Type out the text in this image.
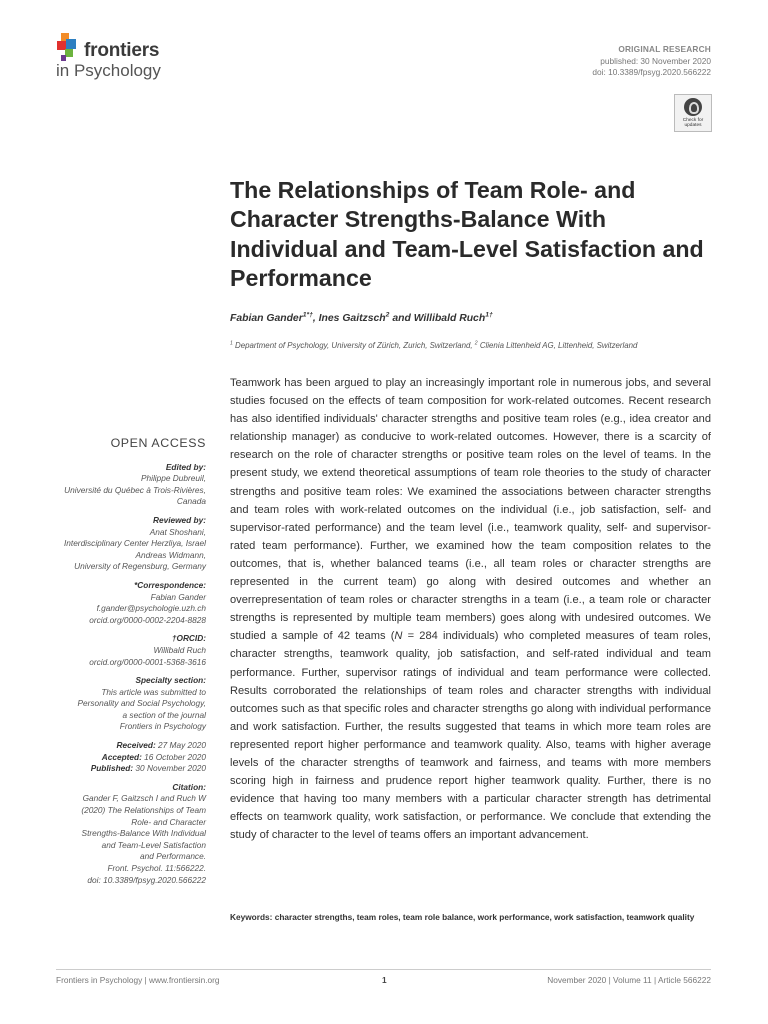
frontiers
in Psychology
ORIGINAL RESEARCH
published: 30 November 2020
doi: 10.3389/fpsyg.2020.566222
Check for updates
The Relationships of Team Role- and Character Strengths-Balance With Individual and Team-Level Satisfaction and Performance
Fabian Gander$^{1*\dagger}$, Ines Gaitzsch$^2$ and Willibald Ruch$^{1\dagger}$
$^1$ Department of Psychology, University of Zürich, Zurich, Switzerland, $^2$ Clienia Littenheid AG, Littenheid, Switzerland
Teamwork has been argued to play an increasingly important role in numerous jobs, and several studies focused on the effects of team composition for work-related outcomes. Recent research has also identified individuals' character strengths and positive team roles (e.g., idea creator and relationship manager) as conducive to work-related outcomes. However, there is a scarcity of research on the role of character strengths or positive team roles on the level of teams. In the present study, we extend theoretical assumptions of team role theories to the study of character strengths and positive team roles: We examined the associations between character strengths and team roles with work-related outcomes on the individual (i.e., job satisfaction, self- and supervisor-rated performance) and the team level (i.e., teamwork quality, self- and supervisor-rated team performance). Further, we examined how the team composition relates to the outcomes, that is, whether balanced teams (i.e., all team roles or character strengths are represented in the current team) go along with desired outcomes and whether an overrepresentation of team roles or character strengths in a team (i.e., a team role or character strengths is represented by multiple team members) goes along with undesired outcomes. We studied a sample of 42 teams (N = 284 individuals) who completed measures of team roles, character strengths, teamwork quality, job satisfaction, and self-rated individual and team performance. Further, supervisor ratings of individual and team performance were collected. Results corroborated the relationships of team roles and character strengths with individual outcomes such as that specific roles and character strengths go along with individual performance and work satisfaction. Further, the results suggested that teams in which more team roles are represented report higher performance and teamwork quality. Also, teams with higher average levels of the character strengths of teamwork and fairness, and teams with more members scoring high in fairness and prudence report higher teamwork quality. Further, there is no evidence that having too many members with a particular character strength has detrimental effects on teamwork quality, work satisfaction, or performance. We conclude that extending the study of character to the level of teams offers an important advancement.
Keywords: character strengths, team roles, team role balance, work performance, work satisfaction, teamwork quality
OPEN ACCESS
Edited by:
Philippe Dubreuil,
Université du Québec à Trois-Rivières,
Canada
Reviewed by:
Anat Shoshani,
Interdisciplinary Center Herzliya, Israel
Andreas Widmann,
University of Regensburg, Germany
*Correspondence:
Fabian Gander
f.gander@psychologie.uzh.ch
orcid.org/0000-0002-2204-8828
†ORCID:
Willibald Ruch
orcid.org/0000-0001-5368-3616
Specialty section:
This article was submitted to
Personality and Social Psychology,
a section of the journal
Frontiers in Psychology
Received: 27 May 2020
Accepted: 16 October 2020
Published: 30 November 2020
Citation:
Gander F, Gaitzsch I and Ruch W
(2020) The Relationships of Team
Role- and Character
Strengths-Balance With Individual
and Team-Level Satisfaction
and Performance.
Front. Psychol. 11:566222.
doi: 10.3389/fpsyg.2020.566222
Frontiers in Psychology | www.frontiersin.org	1	November 2020 | Volume 11 | Article 566222
